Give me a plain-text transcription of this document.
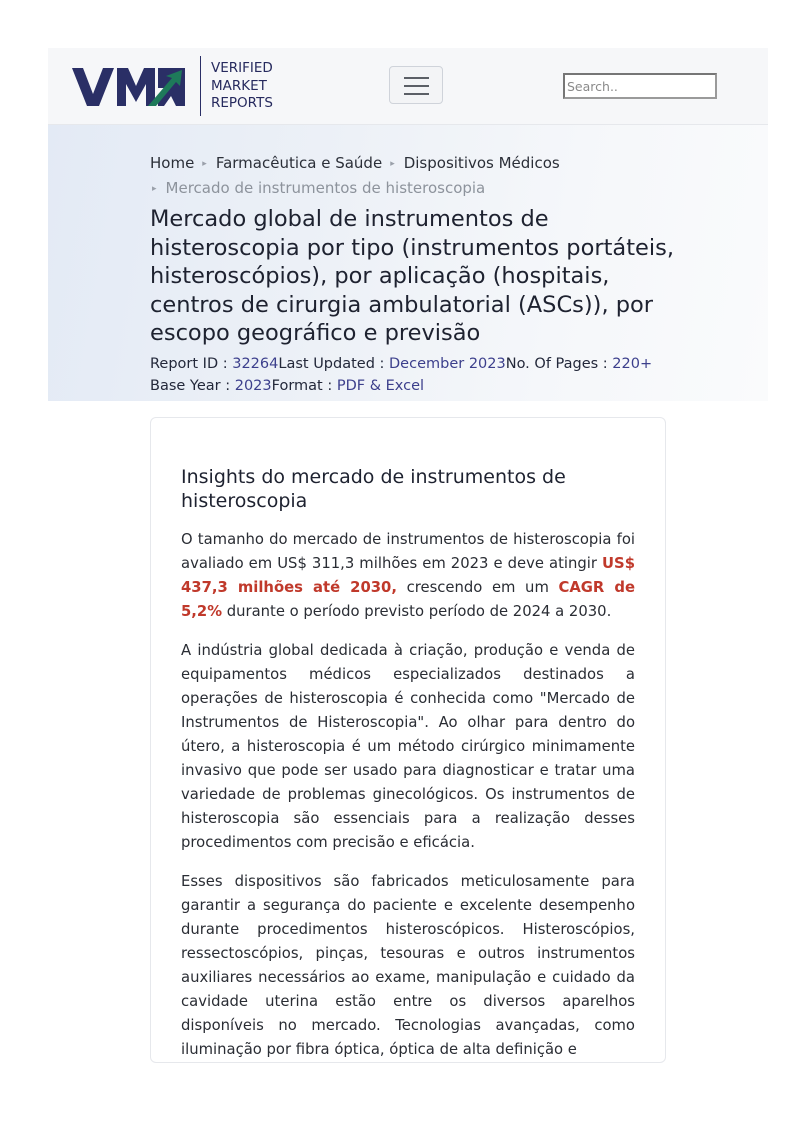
VERIFIED
MARKET
REPORTS
Search..
Home ▸ Farmacêutica e Saúde ▸ Dispositivos Médicos
▸ Mercado de instrumentos de histeroscopia
Mercado global de instrumentos de histeroscopia por tipo (instrumentos portáteis, histeroscópios), por aplicação (hospitais, centros de cirurgia ambulatorial (ASCs)), por escopo geográfico e previsão
Report ID : 32264Last Updated : December 2023No. Of Pages : 220+
Base Year : 2023Format : PDF & Excel
Insights do mercado de instrumentos de histeroscopia

O tamanho do mercado de instrumentos de histeroscopia foi avaliado em US$ 311,3 milhões em 2023 e deve atingir US$ 437,3 milhões até 2030, crescendo em um CAGR de 5,2% durante o período previsto período de 2024 a 2030.

A indústria global dedicada à criação, produção e venda de equipamentos médicos especializados destinados a operações de histeroscopia é conhecida como "Mercado de Instrumentos de Histeroscopia". Ao olhar para dentro do útero, a histeroscopia é um método cirúrgico minimamente invasivo que pode ser usado para diagnosticar e tratar uma variedade de problemas ginecológicos. Os instrumentos de histeroscopia são essenciais para a realização desses procedimentos com precisão e eficácia.

Esses dispositivos são fabricados meticulosamente para garantir a segurança do paciente e excelente desempenho durante procedimentos histeroscópicos. Histeroscópios, ressectoscópios, pinças, tesouras e outros instrumentos auxiliares necessários ao exame, manipulação e cuidado da cavidade uterina estão entre os diversos aparelhos disponíveis no mercado. Tecnologias avançadas, como iluminação por fibra óptica, óptica de alta definição e
